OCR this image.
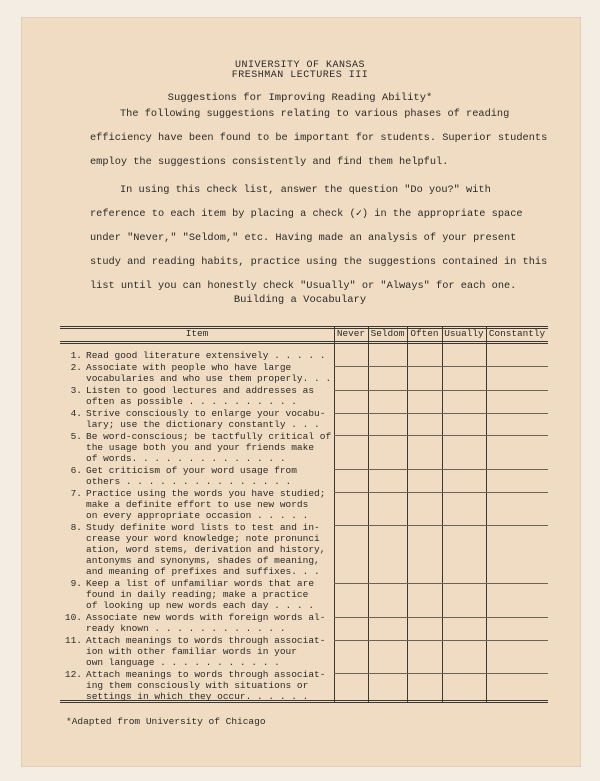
UNIVERSITY OF KANSAS
FRESHMAN LECTURES III
Suggestions for Improving Reading Ability*
The following suggestions relating to various phases of reading efficiency have been found to be important for students. Superior students employ the suggestions consistently and find them helpful.
In using this check list, answer the question "Do you?" with reference to each item by placing a check (✓) in the appropriate space under "Never," "Seldom," etc. Having made an analysis of your present study and reading habits, practice using the suggestions contained in this list until you can honestly check "Usually" or "Always" for each one.
Building a Vocabulary
Item	Never Seldom Often Usually Constantly
1. Read good literature extensively . . . . .
2. Associate with people who have large
vocabularies and who use them properly. . .
3. Listen to good lectures and addresses as
often as possible . . . . . . . . . .
4. Strive consciously to enlarge your vocabu-
lary; use the dictionary constantly . . .
5. Be word-conscious; be tactfully critical of
the usage both you and your friends make
of words. . . . . . . . . . . . . .
6. Get criticism of your word usage from
others . . . . . . . . . . . . . . .
7. Practice using the words you have studied;
make a definite effort to use new words
on every appropriate occasion . . . . .
8. Study definite word lists to test and in-
crease your word knowledge; note pronunci
ation, word stems, derivation and history,
antonyms and synonyms, shades of meaning,
and meaning of prefixes and suffixes. . .
9. Keep a list of unfamiliar words that are
found in daily reading; make a practice
of looking up new words each day . . . .
10. Associate new words with foreign words al-
ready known . . . . . . . . . . . .
11. Attach meanings to words through associat-
ion with other familiar words in your
own language . . . . . . . . . . .
12. Attach meanings to words through associat-
ing them consciously with situations or
settings in which they occur. . . . . .
*Adapted from University of Chicago
